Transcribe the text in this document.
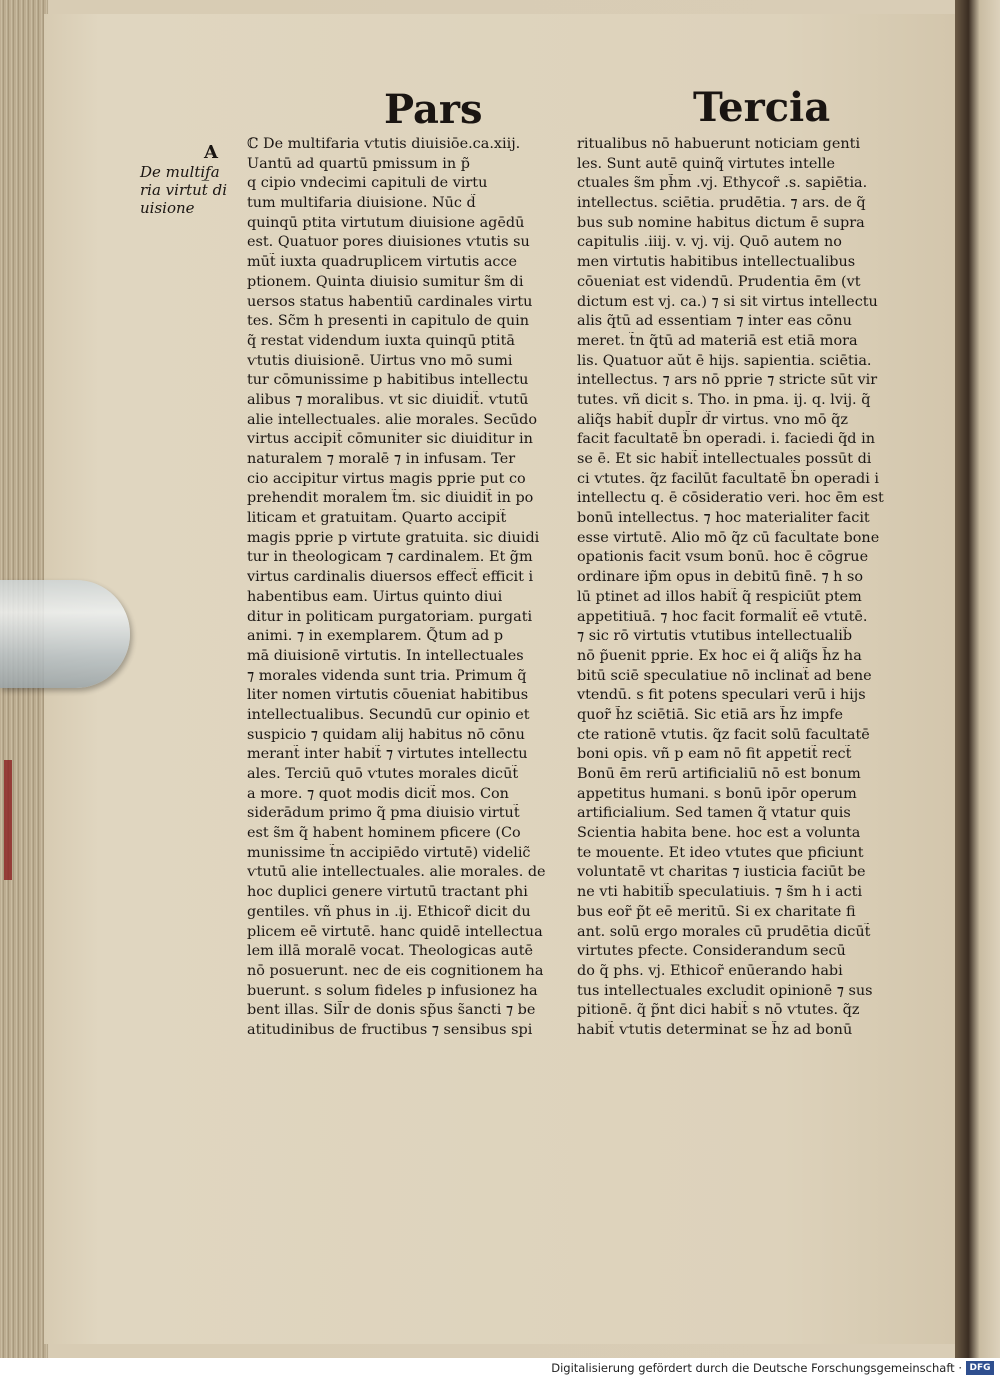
Pars	Tercia
A
De multifa
ria virtut̅ di
uisione
ℂ De multifaria ѵtutis diuisiōe.ca.xiij.
Uantū ad quartū pmissum in p̃
q cipio vndecimi capituli de virtu
tum multifaria diuisione. Nūc d̃
quinqū ptita virtutum diuisione agēdū
est. Quatuor pores diuisiones ѵtutis su
mūt̃ iuxta quadruplicem virtutis acce
ptionem. Quinta diuisio sumitur s̃m di
uersos status habentiū cardinales virtu
tes. Sc̃m h presenti in capitulo de quin
q̃ restat videndum iuxta quinqū ptitā
ѵtutis diuisionē. Uirtus vno mō sumi
tur cōmunissime p habitibus intellectu
alibus ⁊ moralibus. vt sic diuidit̃. ѵtutū
alie intellectuales. alie morales. Secūdo
virtus accipit̃ cōmuniter sic diuiditur in
naturalem ⁊ moralē ⁊ in infusam. Ter
cio accipitur virtus magis pprie put co
prehendit moralem t̃m. sic diuidit̃ in po
liticam et gratuitam. Quarto accipit̃
magis pprie p virtute gratuita. sic diuidi
tur in theologicam ⁊ cardinalem. Et g̃m
virtus cardinalis diuersos effect̃ efficit i
habentibus eam. Uirtus quinto diui
ditur in politicam purgatoriam. purgati
animi. ⁊ in exemplarem. Q̃tum ad p
mā diuisionē virtutis. In intellectuales
⁊ morales videnda sunt tria. Primum q̃
liter nomen virtutis cōueniat habitibus
intellectualibus. Secundū cur opinio et
suspicio ⁊ quidam alij habitus nō cōnu
merant̃ inter habit̃ ⁊ virtutes intellectu
ales. Terciū quō ѵtutes morales dicūt̃
a more. ⁊ quot modis dicit̃ mos. Con
siderādum primo q̃ pma diuisio virtut̃
est s̃m q̃ habent hominem pficere (Co
munissime t̃n accipiēdo virtutē) videlic̃
ѵtutū alie intellectuales. alie morales. de
hoc duplici genere virtutū tractant phi
gentiles. vñ phus in .ij. Ethicor̃ dicit du
plicem eē virtutē. hanc quidē intellectua
lem illā moralē vocat. Theologicas autē
nō posuerunt. nec de eis cognitionem ha
buerunt. s solum fideles p infusionez ha
bent illas. Sil̃r de donis sp̃us s̃ancti ⁊ be
atitudinibus de fructibus ⁊ sensibus spi
ritualibus nō habuerunt noticiam genti
les. Sunt autē quinq̃ virtutes intelle
ctuales s̃m ph̃m .vj. Ethycor̃ .s. sapiētia.
intellectus. sciētia. prudētia. ⁊ ars. de q̃
bus sub nomine habitus dictum ē supra
capitulis .iiij. v. vj. vij. Quō autem no
men virtutis habitibus intellectualibus
cōueniat est videndū. Prudentia ēm (vt
dictum est vj. ca.) ⁊ si sit virtus intellectu
alis q̃tū ad essentiam ⁊ inter eas cōnu
meret. t̃n q̃tū ad materiā est etiā mora
lis. Quatuor aŭt ē hijs. sapientia. sciētia.
intellectus. ⁊ ars nō pprie ⁊ stricte sūt vir
tutes. vñ dicit s. Tho. in pma. ij. q. lvij. q̃
aliq̃s habit̃ dupl̃r d̃r virtus. vno mō q̃z
facit facultatē b̃n operadi. i. faciedi q̃d in
se ē. Et sic habit̃ intellectuales possūt di
ci ѵtutes. q̃z facilūt facultatē b̃n operadi i
intellectu q. ē cōsideratio veri. hoc ēm est
bonū intellectus. ⁊ hoc materialiter facit
esse virtutē. Alio mō q̃z cū facultate bone
opationis facit vsum bonū. hoc ē cōgrue
ordinare ip̃m opus in debitū finē. ⁊ h so
lū ptinet ad illos habit̃ q̃ respiciūt ptem
appetitiuā. ⁊ hoc facit formalit̃ eē ѵtutē.
⁊ sic rō virtutis ѵtutibus intellectualib̃
nō p̃uenit pprie. Ex hoc ei q̃ aliq̃s h̃z ha
bitū sciē speculatiue nō inclinat̃ ad bene
vtendū. s fit potens speculari verū i hijs
quor̃ h̃z sciētiā. Sic etiā ars h̃z impfe
cte rationē ѵtutis. q̃z facit solū facultatē
boni opis. vñ p eam nō fit appetit̃ rect̃
Bonū ēm rerū artificialiū nō est bonum
appetitus humani. s bonū ipōr operum
artificialium. Sed tamen q̃ vtatur quis
Scientia habita bene. hoc est a volunta
te mouente. Et ideo ѵtutes que pficiunt
voluntatē vt charitas ⁊ iusticia faciūt be
ne vti habitib̃ speculatiuis. ⁊ s̃m h i acti
bus eor̃ p̃t eē meritū. Si ex charitate fi
ant. solū ergo morales cū prudētia dicūt̃
virtutes pfecte. Considerandum secū
do q̃ phs. vj. Ethicor̃ enūerando habi
tus intellectuales excludit opinionē ⁊ sus
pitionē. q̃ p̃nt dici habit̃ s nō ѵtutes. q̃z
habit̃ ѵtutis determinat se h̃z ad bonū
Digitalisierung gefördert durch die Deutsche Forschungsgemeinschaft · DFG
